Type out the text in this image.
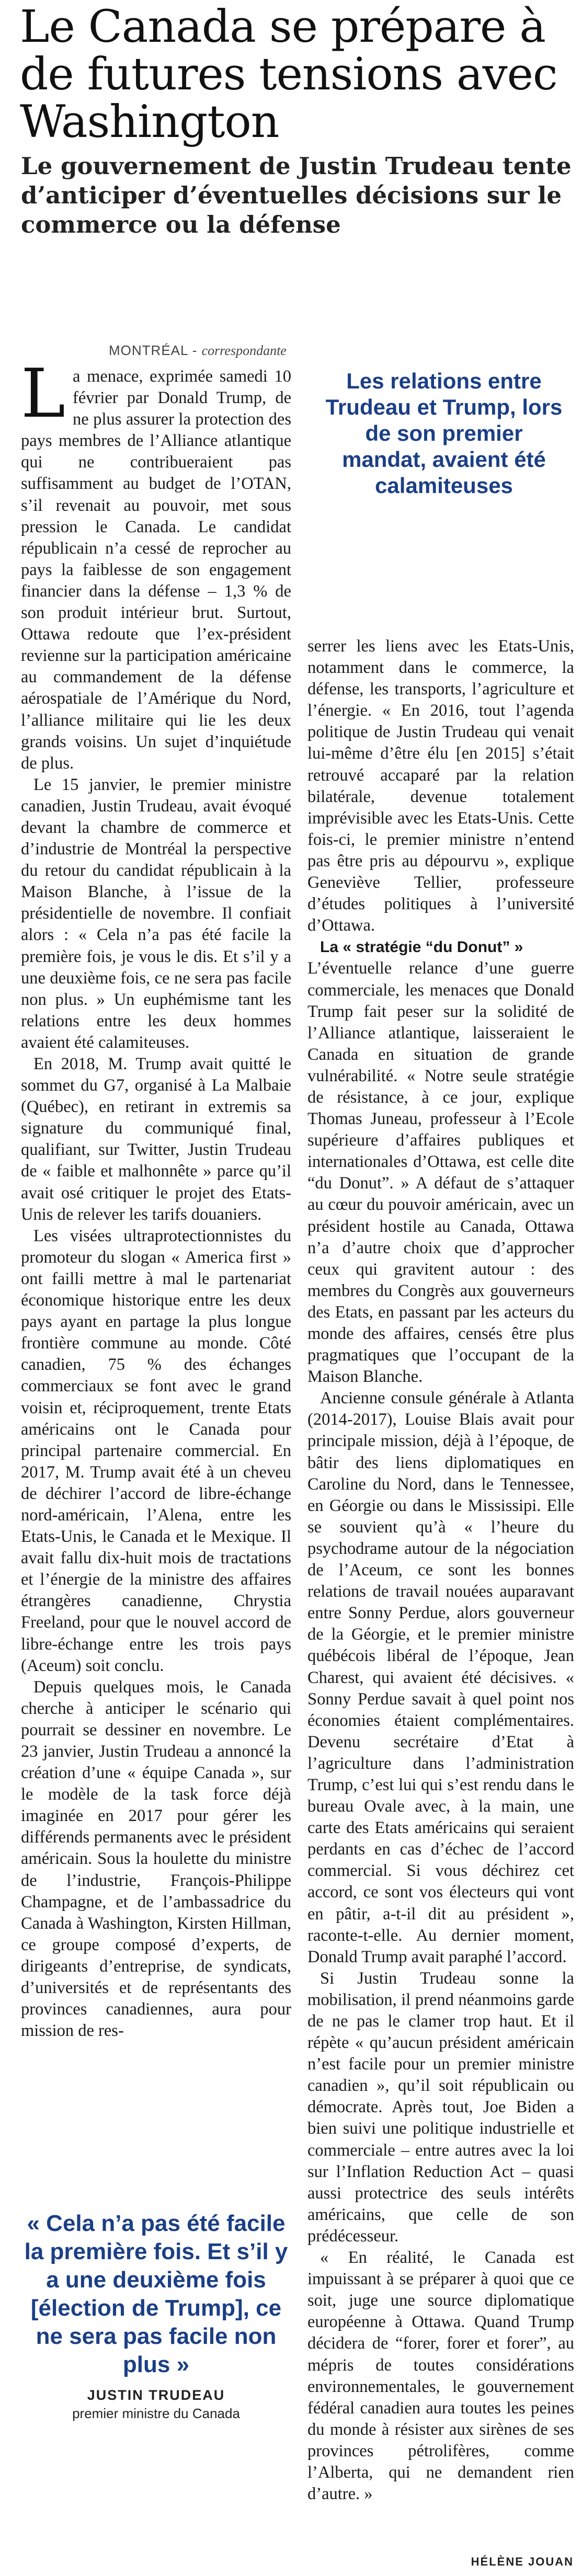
Le Canada se prépare à de futures tensions avec Washington
Le gouvernement de Justin Trudeau tente d’anticiper d’éventuelles décisions sur le commerce ou la défense
MONTRÉAL - correspondante

Les relations entre Trudeau et Trump, lors de son premier mandat, avaient été calamiteuses

La menace, exprimée samedi 10 février par Donald Trump, de ne plus assurer la protection des pays membres de l’Alliance atlantique qui ne contribueraient pas suffisamment au budget de l’OTAN, s’il revenait au pouvoir, met sous pression le Canada. Le candidat républicain n’a cessé de reprocher au pays la faiblesse de son engagement financier dans la défense – 1,3 % de son produit intérieur brut. Surtout, Ottawa redoute que l’ex-président revienne sur la participation américaine au commandement de la défense aérospatiale de l’Amérique du Nord, l’alliance militaire qui lie les deux grands voisins. Un sujet d’inquiétude de plus.

Le 15 janvier, le premier ministre canadien, Justin Trudeau, avait évoqué devant la chambre de commerce et d’industrie de Montréal la perspective du retour du candidat républicain à la Maison Blanche, à l’issue de la présidentielle de novembre. Il confiait alors : « Cela n’a pas été facile la première fois, je vous le dis. Et s’il y a une deuxième fois, ce ne sera pas facile non plus. » Un euphémisme tant les relations entre les deux hommes avaient été calamiteuses.

En 2018, M. Trump avait quitté le sommet du G7, organisé à La Malbaie (Québec), en retirant in extremis sa signature du communiqué final, qualifiant, sur Twitter, Justin Trudeau de « faible et malhonnête » parce qu’il avait osé critiquer le projet des Etats-Unis de relever les tarifs douaniers.

Les visées ultraprotectionnistes du promoteur du slogan « America first » ont failli mettre à mal le partenariat économique historique entre les deux pays ayant en partage la plus longue frontière commune au monde. Côté canadien, 75 % des échanges commerciaux se font avec le grand voisin et, réciproquement, trente Etats américains ont le Canada pour principal partenaire commercial. En 2017, M. Trump avait été à un cheveu de déchirer l’accord de libre-échange nord-américain, l’Alena, entre les Etats-Unis, le Canada et le Mexique. Il avait fallu dix-huit mois de tractations et l’énergie de la ministre des affaires étrangères canadienne, Chrystia Freeland, pour que le nouvel accord de libre-échange entre les trois pays (Aceum) soit conclu.

Depuis quelques mois, le Canada cherche à anticiper le scénario qui pourrait se dessiner en novembre. Le 23 janvier, Justin Trudeau a annoncé la création d’une « équipe Canada », sur le modèle de la task force déjà imaginée en 2017 pour gérer les différends permanents avec le président américain. Sous la houlette du ministre de l’industrie, François-Philippe Champagne, et de l’ambassadrice du Canada à Washington, Kirsten Hillman, ce groupe composé d’experts, de dirigeants d’entreprise, de syndicats, d’universités et de représentants des provinces canadiennes, aura pour mission de res-

« Cela n’a pas été facile la première fois. Et s’il y a une deuxième fois [élection de Trump], ce ne sera pas facile non plus »

JUSTIN TRUDEAU
premier ministre du Canada

serrer les liens avec les Etats-Unis, notamment dans le commerce, la défense, les transports, l’agriculture et l’énergie. « En 2016, tout l’agenda politique de Justin Trudeau qui venait lui-même d’être élu [en 2015] s’était retrouvé accaparé par la relation bilatérale, devenue totalement imprévisible avec les Etats-Unis. Cette fois-ci, le premier ministre n’entend pas être pris au dépourvu », explique Geneviève Tellier, professeure d’études politiques à l’université d’Ottawa.

La « stratégie “du Donut” »

L’éventuelle relance d’une guerre commerciale, les menaces que Donald Trump fait peser sur la solidité de l’Alliance atlantique, laisseraient le Canada en situation de grande vulnérabilité. « Notre seule stratégie de résistance, à ce jour, explique Thomas Juneau, professeur à l’Ecole supérieure d’affaires publiques et internationales d’Ottawa, est celle dite “du Donut”. » A défaut de s’attaquer au cœur du pouvoir américain, avec un président hostile au Canada, Ottawa n’a d’autre choix que d’approcher ceux qui gravitent autour : des membres du Congrès aux gouverneurs des Etats, en passant par les acteurs du monde des affaires, censés être plus pragmatiques que l’occupant de la Maison Blanche.

Ancienne consule générale à Atlanta (2014-2017), Louise Blais avait pour principale mission, déjà à l’époque, de bâtir des liens diplomatiques en Caroline du Nord, dans le Tennessee, en Géorgie ou dans le Mississipi. Elle se souvient qu’à « l’heure du psychodrame autour de la négociation de l’Aceum, ce sont les bonnes relations de travail nouées auparavant entre Sonny Perdue, alors gouverneur de la Géorgie, et le premier ministre québécois libéral de l’époque, Jean Charest, qui avaient été décisives. « Sonny Perdue savait à quel point nos économies étaient complémentaires. Devenu secrétaire d’Etat à l’agriculture dans l’administration Trump, c’est lui qui s’est rendu dans le bureau Ovale avec, à la main, une carte des Etats américains qui seraient perdants en cas d’échec de l’accord commercial. Si vous déchirez cet accord, ce sont vos électeurs qui vont en pâtir, a-t-il dit au président », raconte-t-elle. Au dernier moment, Donald Trump avait paraphé l’accord.

Si Justin Trudeau sonne la mobilisation, il prend néanmoins garde de ne pas le clamer trop haut. Et il répète « qu’aucun président américain n’est facile pour un premier ministre canadien », qu’il soit républicain ou démocrate. Après tout, Joe Biden a bien suivi une politique industrielle et commerciale – entre autres avec la loi sur l’Inflation Reduction Act – quasi aussi protectrice des seuls intérêts américains, que celle de son prédécesseur.

« En réalité, le Canada est impuissant à se préparer à quoi que ce soit, juge une source diplomatique européenne à Ottawa. Quand Trump décidera de “forer, forer et forer”, au mépris de toutes considérations environnementales, le gouvernement fédéral canadien aura toutes les peines du monde à résister aux sirènes de ses provinces pétrolifères, comme l’Alberta, qui ne demandent rien d’autre. »

HÉLÈNE JOUAN
